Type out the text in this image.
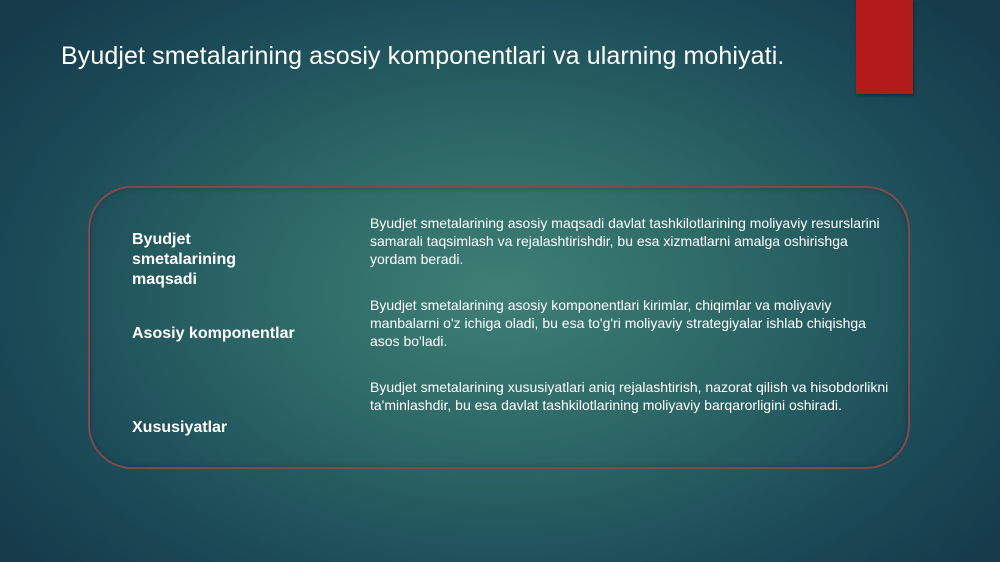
Byudjet smetalarining asosiy komponentlari va ularning mohiyati.
Byudjet smetalarining maqsadi
Byudjet smetalarining asosiy maqsadi davlat tashkilotlarining moliyaviy resurslarini samarali taqsimlash va rejalashtirishdir, bu esa xizmatlarni amalga oshirishga yordam beradi.
Asosiy komponentlar
Byudjet smetalarining asosiy komponentlari kirimlar, chiqimlar va moliyaviy manbalarni o'z ichiga oladi, bu esa to'g'ri moliyaviy strategiyalar ishlab chiqishga asos bo'ladi.
Xususiyatlar
Byudjet smetalarining xususiyatlari aniq rejalashtirish, nazorat qilish va hisobdorlikni ta'minlashdir, bu esa davlat tashkilotlarining moliyaviy barqarorligini oshiradi.
